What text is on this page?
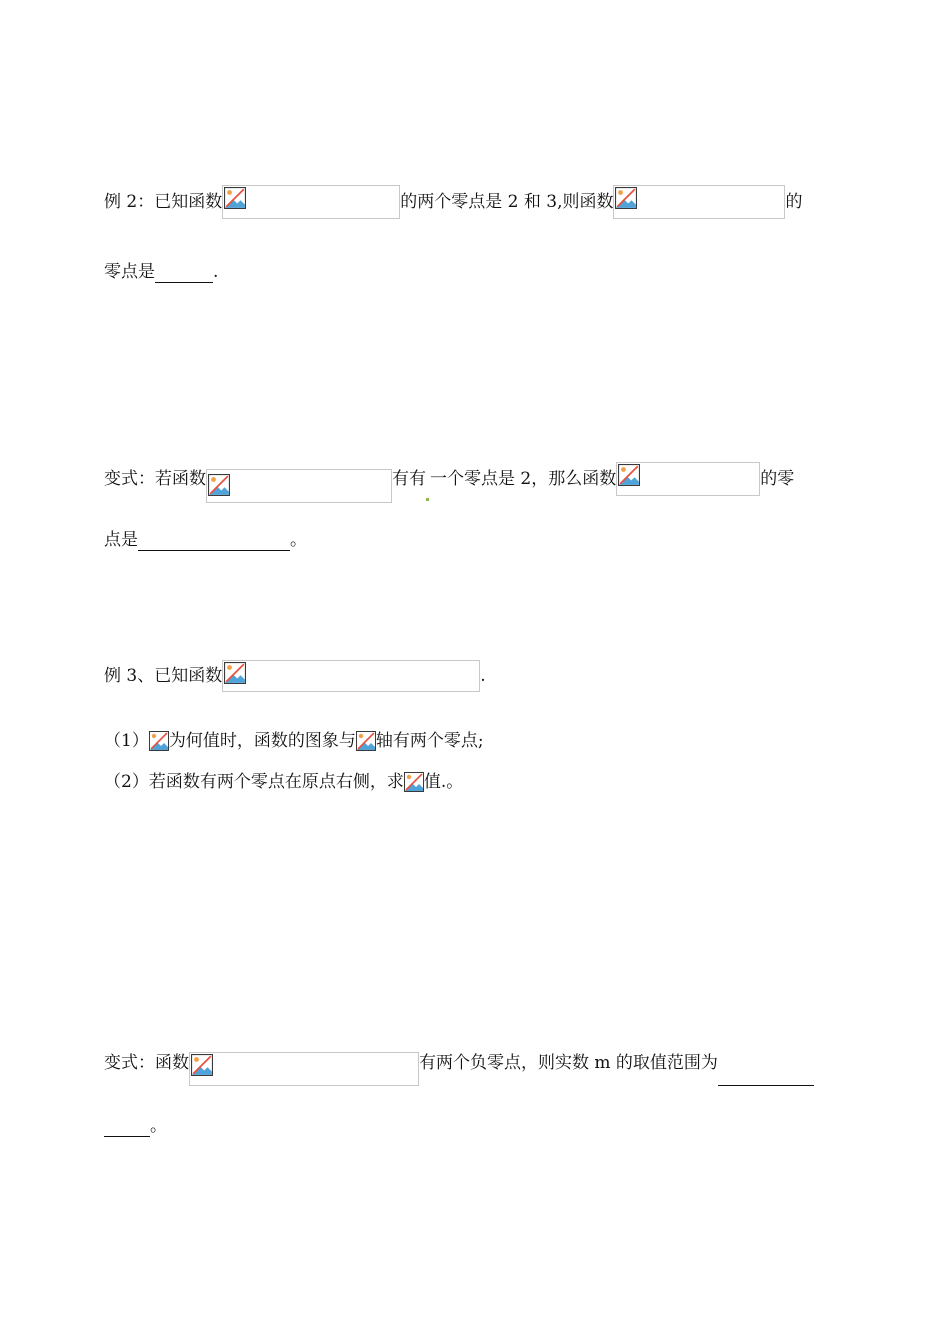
例 2：已知函数	的两个零点是 2 和 3,则函数	的
零点是	.
变式：若函数	有有 一个零点是 2，那么函数	的零
点是	。
例 3、已知函数	.
（1） 为何值时，函数的图象与 轴有两个零点;
（2）若函数有两个零点在原点右侧，求 值.。
变式：函数	有两个负零点，则实数 m 的取值范围为
。
